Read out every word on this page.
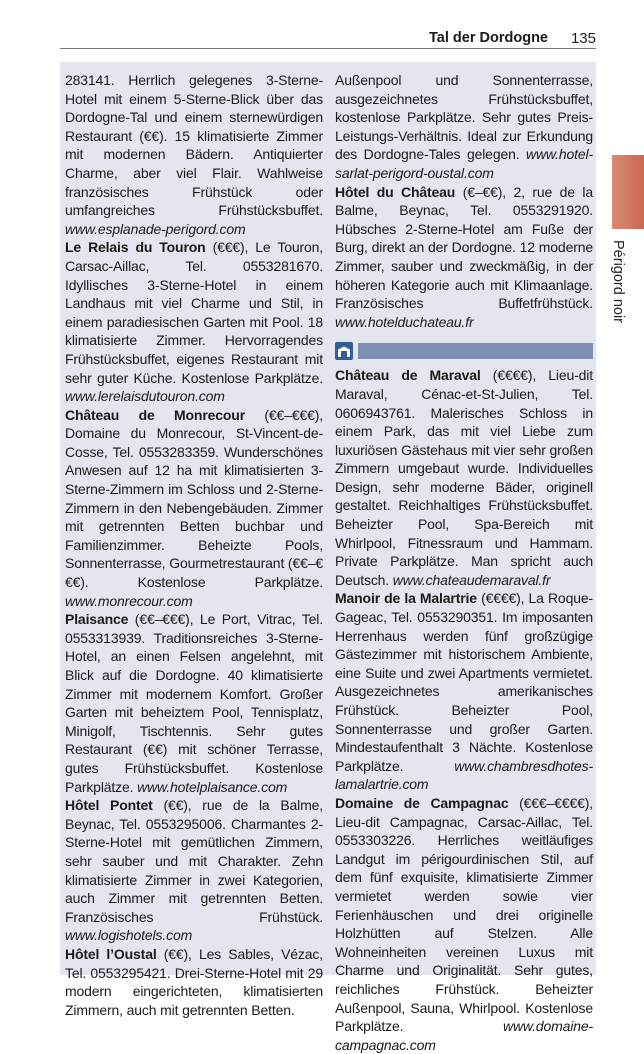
Tal der Dordogne 135
Périgord noir

283141. Herrlich gelegenes 3-Sterne-Hotel mit einem 5-Sterne-Blick über das Dordogne-Tal und einem sternewürdigen Restaurant (€€). 15 klimatisierte Zimmer mit modernen Bädern. Antiquierter Charme, aber viel Flair. Wahlweise französisches Frühstück oder umfangreiches Frühstücksbuffet. www.esplanade-perigord.com

Le Relais du Touron (€€€), Le Touron, Carsac-Aillac, Tel. 0553281670. Idyllisches 3-Sterne-Hotel in einem Landhaus mit viel Charme und Stil, in einem paradiesischen Garten mit Pool. 18 klimatisierte Zimmer. Hervorragendes Frühstücksbuffet, eigenes Restaurant mit sehr guter Küche. Kostenlose Parkplätze. www.lerelaisdutouron.com

Château de Monrecour (€€–€€€), Domaine du Monrecour, St-Vincent-de-Cosse, Tel. 0553283359. Wunderschönes Anwesen auf 12 ha mit klimatisierten 3-Sterne-Zimmern im Schloss und 2-Sterne-Zimmern in den Nebengebäuden. Zimmer mit getrennten Betten buchbar und Familienzimmer. Beheizte Pools, Sonnenterrasse, Gourmetrestaurant (€€–€€€). Kostenlose Parkplätze. www.monrecour.com

Plaisance (€€–€€€), Le Port, Vitrac, Tel. 0553313939. Traditionsreiches 3-Sterne-Hotel, an einen Felsen angelehnt, mit Blick auf die Dordogne. 40 klimatisierte Zimmer mit modernem Komfort. Großer Garten mit beheiztem Pool, Tennisplatz, Minigolf, Tischtennis. Sehr gutes Restaurant (€€) mit schöner Terrasse, gutes Frühstücksbuffet. Kostenlose Parkplätze. www.hotelplaisance.com

Hôtel Pontet (€€), rue de la Balme, Beynac, Tel. 0553295006. Charmantes 2-Sterne-Hotel mit gemütlichen Zimmern, sehr sauber und mit Charakter. Zehn klimatisierte Zimmer in zwei Kategorien, auch Zimmer mit getrennten Betten. Französisches Frühstück. www.logishotels.com

Hôtel l’Oustal (€€), Les Sables, Vézac, Tel. 0553295421. Drei-Sterne-Hotel mit 29 modern eingerichteten, klimatisierten Zimmern, auch mit getrennten Betten.

Außenpool und Sonnenterrasse, ausgezeichnetes Frühstücksbuffet, kostenlose Parkplätze. Sehr gutes Preis-Leistungs-Verhältnis. Ideal zur Erkundung des Dordogne-Tales gelegen. www.hotel-sarlat-perigord-oustal.com

Hôtel du Château (€–€€), 2, rue de la Balme, Beynac, Tel. 0553291920. Hübsches 2-Sterne-Hotel am Fuße der Burg, direkt an der Dordogne. 12 moderne Zimmer, sauber und zweckmäßig, in der höheren Kategorie auch mit Klimaanlage. Französisches Buffetfrühstück. www.hotelduchateau.fr

Château de Maraval (€€€€), Lieu-dit Maraval, Cénac-et-St-Julien, Tel. 0606943761. Malerisches Schloss in einem Park, das mit viel Liebe zum luxuriösen Gästehaus mit vier sehr großen Zimmern umgebaut wurde. Individuelles Design, sehr moderne Bäder, originell gestaltet. Reichhaltiges Frühstücksbuffet. Beheizter Pool, Spa-Bereich mit Whirlpool, Fitnessraum und Hammam. Private Parkplätze. Man spricht auch Deutsch. www.chateaudemaraval.fr

Manoir de la Malartrie (€€€€), La Roque-Gageac, Tel. 0553290351. Im imposanten Herrenhaus werden fünf großzügige Gästezimmer mit historischem Ambiente, eine Suite und zwei Apartments vermietet. Ausgezeichnetes amerikanisches Frühstück. Beheizter Pool, Sonnenterrasse und großer Garten. Mindestaufenthalt 3 Nächte. Kostenlose Parkplätze. www.chambresdhotes-lamalartrie.com

Domaine de Campagnac (€€€–€€€€), Lieu-dit Campagnac, Carsac-Aillac, Tel. 0553303226. Herrliches weitläufiges Landgut im périgourdinischen Stil, auf dem fünf exquisite, klimatisierte Zimmer vermietet werden sowie vier Ferienhäuschen und drei originelle Holzhütten auf Stelzen. Alle Wohneinheiten vereinen Luxus mit Charme und Originalität. Sehr gutes, reichliches Frühstück. Beheizter Außenpool, Sauna, Whirlpool. Kostenlose Parkplätze. www.domaine-campagnac.com
